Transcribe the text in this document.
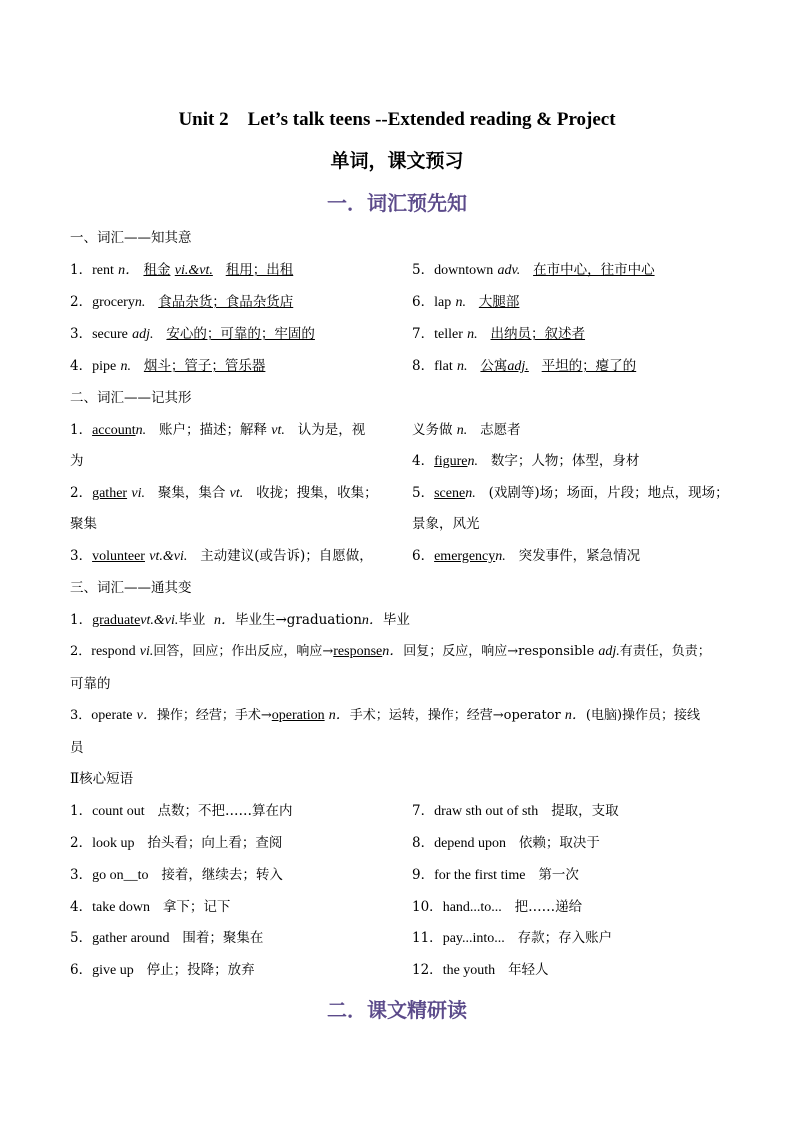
Unit 2　Let’s talk teens --Extended reading & Project
单词，课文预习
一．词汇预先知
一、词汇——知其意
1．rent n． 租金 vi.&vt. 租用；出租
2．groceryn. 食品杂货；食品杂货店
3．secure adj. 安心的；可靠的；牢固的
4．pipe n. 烟斗；管子；管乐器
5．downtown adv. 在市中心，往市中心
6．lap n. 大腿部
7．teller n. 出纳员；叙述者
8．flat n. 公寓adj. 平坦的；瘪了的
二、词汇——记其形
1．accountn. 账户；描述；解释 vt. 认为是，视
为
2．gather vi. 聚集，集合 vt. 收拢；搜集，收集；
聚集
3．volunteer vt.&vi. 主动建议(或告诉)；自愿做，
义务做 n. 志愿者
4．figuren. 数字；人物；体型，身材
5．scenen. (戏剧等)场；场面，片段；地点，现场；
景象，风光
6．emergencyn. 突发事件，紧急情况
三、词汇——通其变
1．graduatevt.&vi.毕业 n．毕业生→graduationn．毕业
2．respond vi.回答，回应；作出反应，响应→responsen．回复；反应，响应→responsible adj.有责任，负责；
可靠的
3．operate v．操作；经营；手术→operation n．手术；运转，操作；经营→operator n．(电脑)操作员；接线
员
Ⅱ核心短语
1．count out 点数；不把……算在内
2．look up 抬头看；向上看；查阅
3．go on__to 接着，继续去；转入
4．take down 拿下；记下
5．gather around 围着；聚集在
6．give up 停止；投降；放弃
7．draw sth out of sth 提取，支取
8．depend upon 依赖；取决于
9．for the first time 第一次
10．hand...to... 把……递给
11．pay...into... 存款；存入账户
12．the youth 年轻人
二．课文精研读
